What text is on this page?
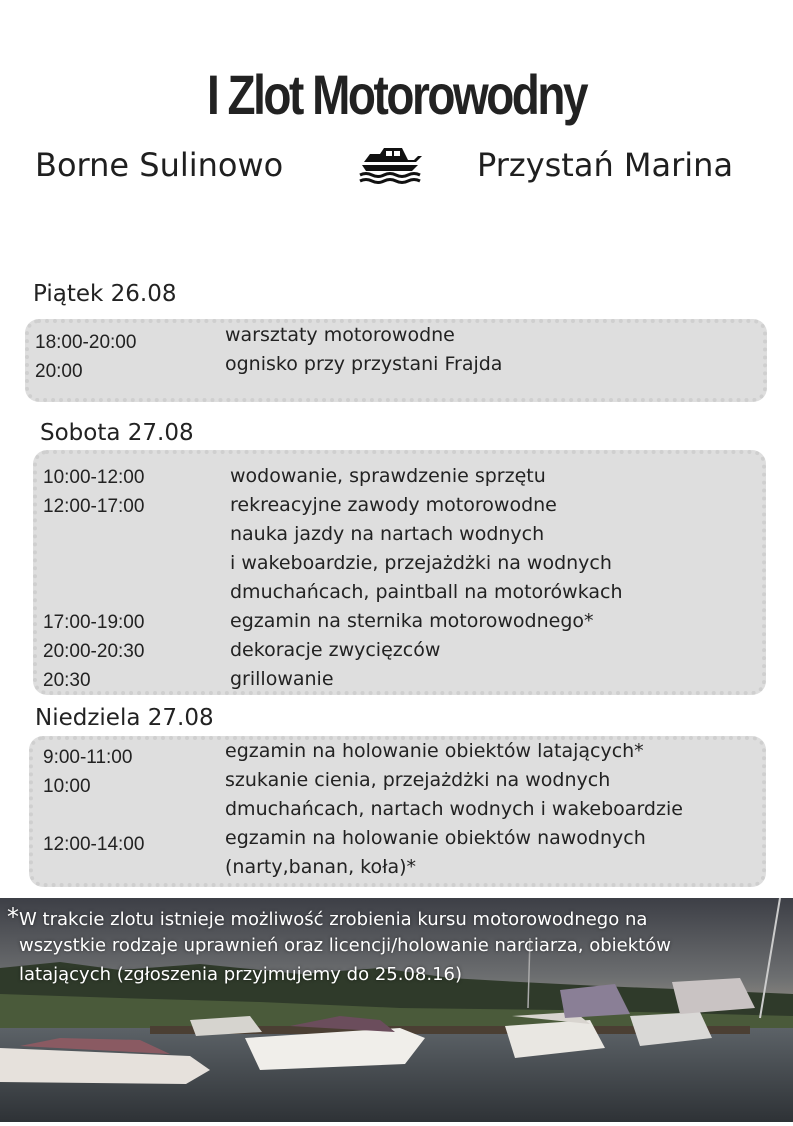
I Zlot Motorowodny
Borne Sulinowo	Przystań Marina
Piątek 26.08
18:00-20:00	warsztaty motorowodne
20:00	ognisko przy przystani Frajda
Sobota 27.08
10:00-12:00	wodowanie, sprawdzenie sprzętu
12:00-17:00	rekreacyjne zawody motorowodne
nauka jazdy na nartach wodnych
i wakeboardzie, przejażdżki na wodnych
dmuchańcach, paintball na motorówkach
17:00-19:00	egzamin na sternika motorowodnego*
20:00-20:30	dekoracje zwycięzców
20:30	grillowanie
Niedziela 27.08
9:00-11:00	egzamin na holowanie obiektów latających*
10:00	szukanie cienia, przejażdżki na wodnych
dmuchańcach, nartach wodnych i wakeboardzie
12:00-14:00	egzamin na holowanie obiektów nawodnych
(narty,banan, koła)*
*W trakcie zlotu istnieje możliwość zrobienia kursu motorowodnego na
wszystkie rodzaje uprawnień oraz licencji/holowanie narciarza, obiektów
latających (zgłoszenia przyjmujemy do 25.08.16)
